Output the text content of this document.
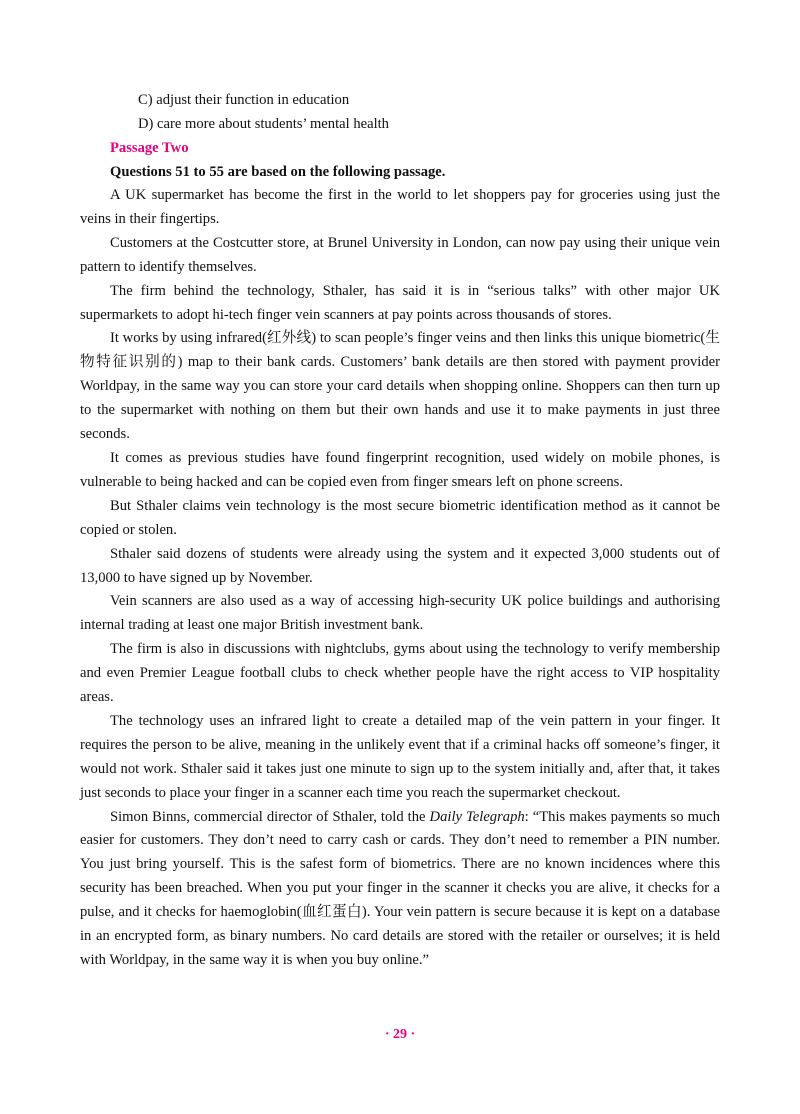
C) adjust their function in education

D) care more about students’ mental health

Passage Two

Questions 51 to 55 are based on the following passage.

A UK supermarket has become the first in the world to let shoppers pay for groceries using just the veins in their fingertips.

Customers at the Costcutter store, at Brunel University in London, can now pay using their unique vein pattern to identify themselves.

The firm behind the technology, Sthaler, has said it is in “serious talks” with other major UK supermarkets to adopt hi-tech finger vein scanners at pay points across thousands of stores.

It works by using infrared(红外线) to scan people’s finger veins and then links this unique biometric(生物特征识别的) map to their bank cards. Customers’ bank details are then stored with payment provider Worldpay, in the same way you can store your card details when shopping online. Shoppers can then turn up to the supermarket with nothing on them but their own hands and use it to make payments in just three seconds.

It comes as previous studies have found fingerprint recognition, used widely on mobile phones, is vulnerable to being hacked and can be copied even from finger smears left on phone screens.

But Sthaler claims vein technology is the most secure biometric identification method as it cannot be copied or stolen.

Sthaler said dozens of students were already using the system and it expected 3,000 students out of 13,000 to have signed up by November.

Vein scanners are also used as a way of accessing high-security UK police buildings and authorising internal trading at least one major British investment bank.

The firm is also in discussions with nightclubs, gyms about using the technology to verify membership and even Premier League football clubs to check whether people have the right access to VIP hospitality areas.

The technology uses an infrared light to create a detailed map of the vein pattern in your finger. It requires the person to be alive, meaning in the unlikely event that if a criminal hacks off someone’s finger, it would not work. Sthaler said it takes just one minute to sign up to the system initially and, after that, it takes just seconds to place your finger in a scanner each time you reach the supermarket checkout.

Simon Binns, commercial director of Sthaler, told the Daily Telegraph: “This makes payments so much easier for customers. They don’t need to carry cash or cards. They don’t need to remember a PIN number. You just bring yourself. This is the safest form of biometrics. There are no known incidences where this security has been breached. When you put your finger in the scanner it checks you are alive, it checks for a pulse, and it checks for haemoglobin(血红蛋白). Your vein pattern is secure because it is kept on a database in an encrypted form, as binary numbers. No card details are stored with the retailer or ourselves; it is held with Worldpay, in the same way it is when you buy online.”

· 29 ·
